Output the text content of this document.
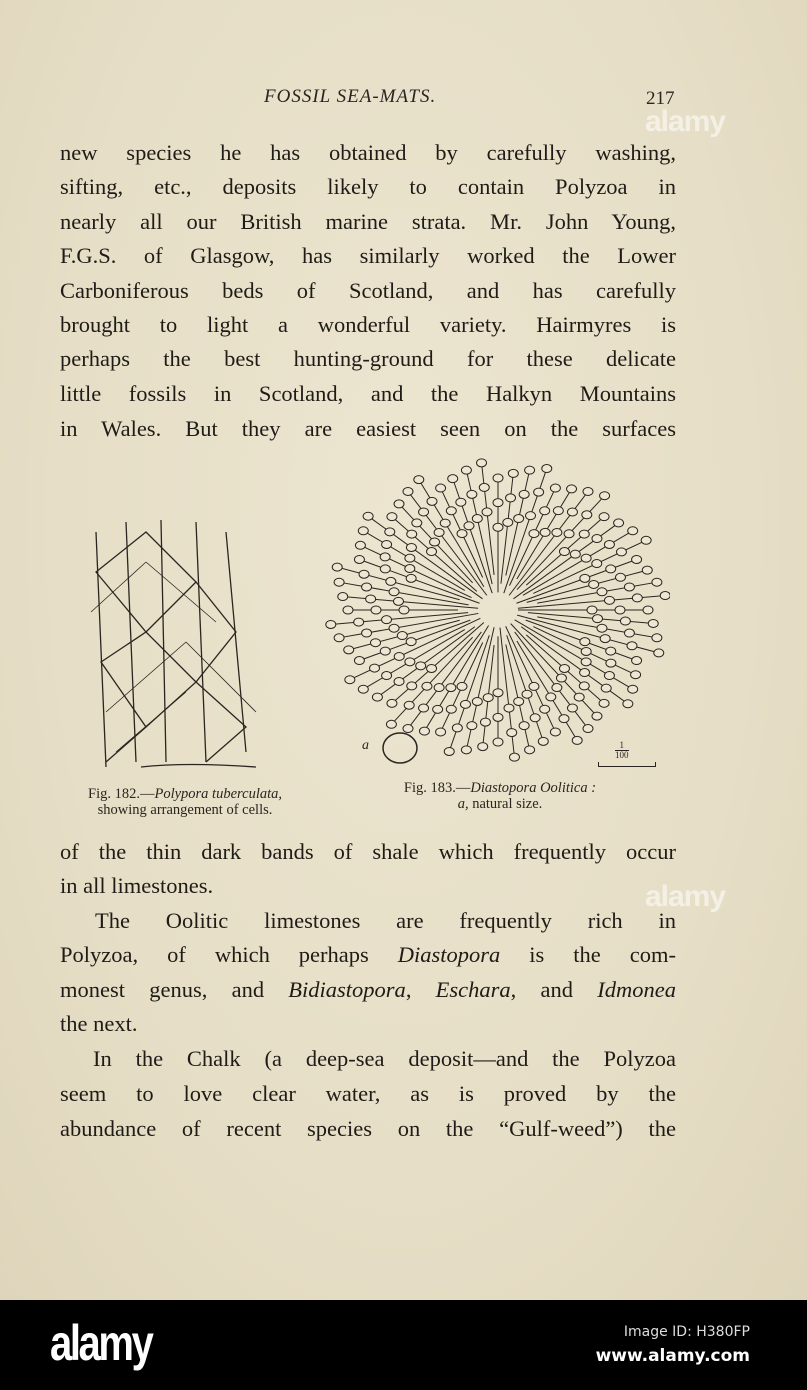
FOSSIL SEA-MATS.	217
new species he has obtained by carefully washing,
sifting, etc., deposits likely to contain Polyzoa in
nearly all our British marine strata. Mr. John Young,
F.G.S. of Glasgow, has similarly worked the Lower
Carboniferous beds of Scotland, and has carefully
brought to light a wonderful variety. Hairmyres is
perhaps the best hunting-ground for these delicate
little fossils in Scotland, and the Halkyn Mountains
in Wales. But they are easiest seen on the surfaces
Fig. 182.—Polypora tuberculata,
showing arrangement of cells.
a	$\frac{1}{100}$
Fig. 183.—Diastopora Oolitica :
a, natural size.
of the thin dark bands of shale which frequently occur
in all limestones.
The Oolitic limestones are frequently rich in
Polyzoa, of which perhaps Diastopora is the com-
monest genus, and Bidiastopora, Eschara, and Idmonea
the next.
In the Chalk (a deep-sea deposit—and the Polyzoa
seem to love clear water, as is proved by the
abundance of recent species on the “Gulf-weed”) the
alamy
alamy
alamy	Image ID: H380FP
www.alamy.com
